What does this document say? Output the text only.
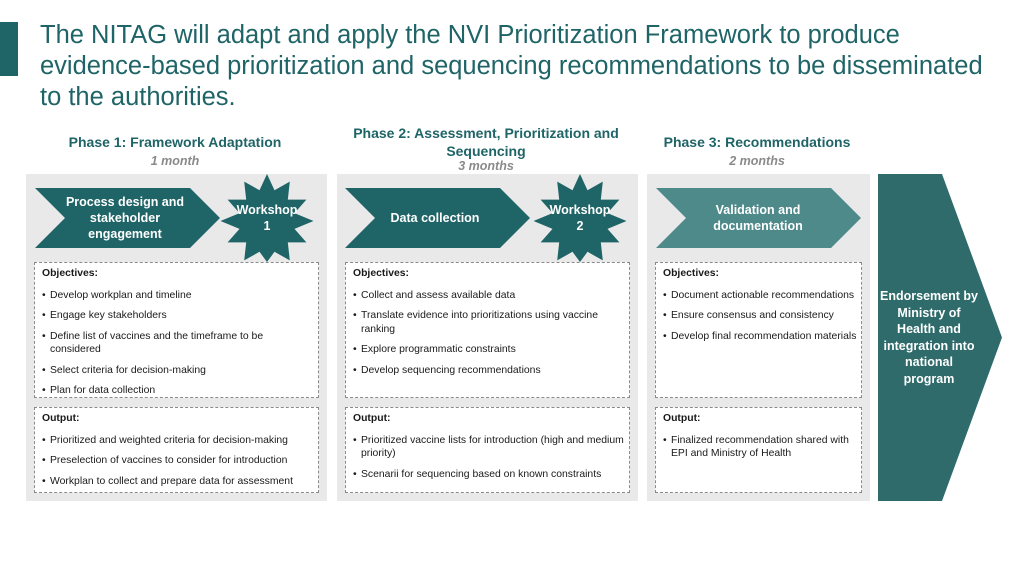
The NITAG will adapt and apply the NVI Prioritization Framework to produce evidence-based prioritization and sequencing recommendations to be disseminated to the authorities.
Phase 1: Framework Adaptation
1 month
Phase 2: Assessment, Prioritization and Sequencing
3 months
Phase 3: Recommendations
2 months
Process design and stakeholder engagement
Workshop 1
Data collection
Workshop 2
Validation and documentation
Objectives:
• Develop workplan and timeline
• Engage key stakeholders
• Define list of vaccines and the timeframe to be considered
• Select criteria for decision-making
• Plan for data collection
Output:
• Prioritized and weighted criteria for decision-making
• Preselection of vaccines to consider for introduction
• Workplan to collect and prepare data for assessment
Objectives:
• Collect and assess available data
• Translate evidence into prioritizations using vaccine ranking
• Explore programmatic constraints
• Develop sequencing recommendations
Output:
• Prioritized vaccine lists for introduction (high and medium priority)
• Scenarii for sequencing based on known constraints
Objectives:
• Document actionable recommendations
• Ensure consensus and consistency
• Develop final recommendation materials
Output:
• Finalized recommendation shared with EPI and Ministry of Health
Endorsement by Ministry of Health and integration into national program
